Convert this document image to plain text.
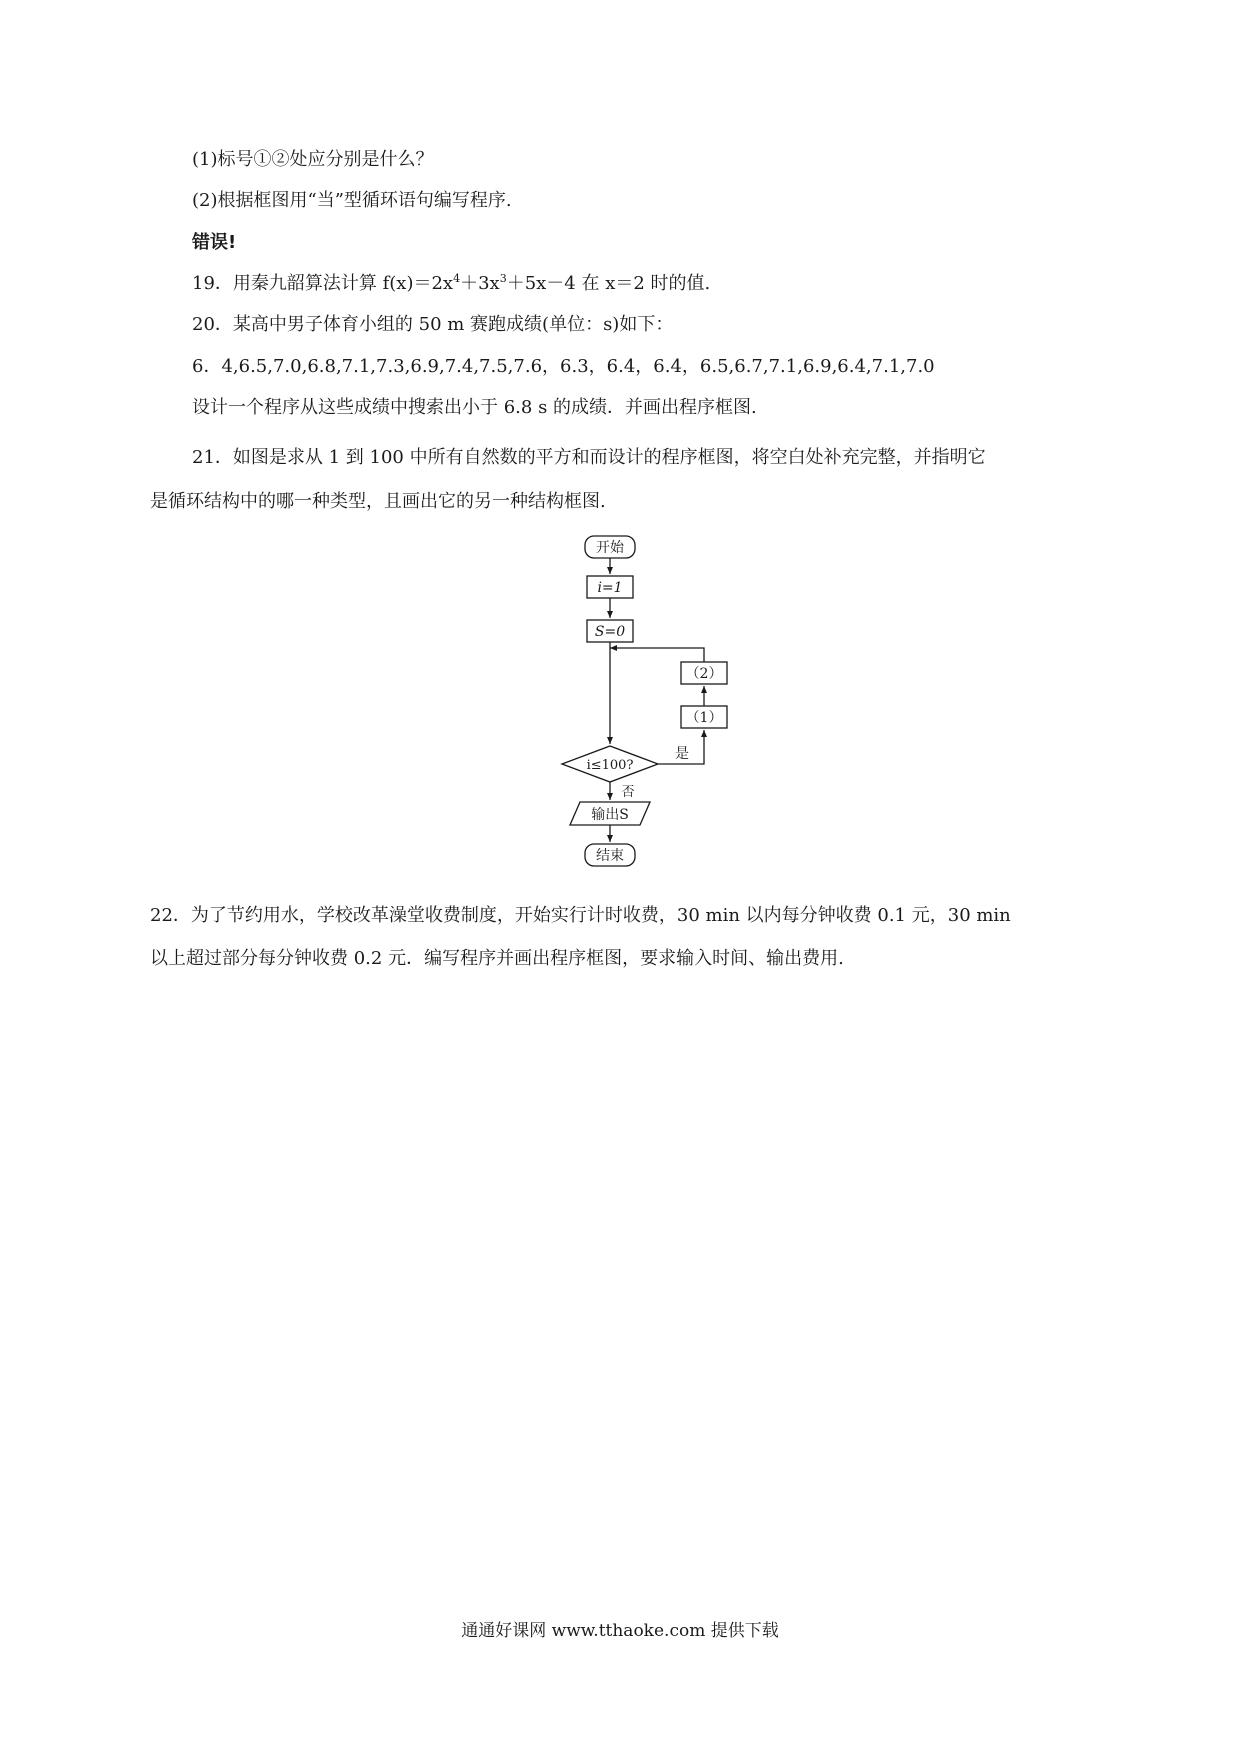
(1)标号①②处应分别是什么？
(2)根据框图用“当”型循环语句编写程序.
错误!
19．用秦九韶算法计算 $f(x)=2x^4+3x^3+5x-4$ 在 x＝2 时的值.
20．某高中男子体育小组的 50 m 赛跑成绩(单位：s)如下：
6．4,6.5,7.0,6.8,7.1,7.3,6.9,7.4,7.5,7.6，6.3，6.4，6.4，6.5,6.7,7.1,6.9,6.4,7.1,7.0
设计一个程序从这些成绩中搜索出小于 6.8 s 的成绩．并画出程序框图.
21．如图是求从 1 到 100 中所有自然数的平方和而设计的程序框图，将空白处补充完整，并指明它
是循环结构中的哪一种类型，且画出它的另一种结构框图.
开始
i=1
S=0
（2）
（1）
i≤100?
是
否
输出S
结束
22．为了节约用水，学校改革澡堂收费制度，开始实行计时收费，30 min 以内每分钟收费 0.1 元，30 min
以上超过部分每分钟收费 0.2 元．编写程序并画出程序框图，要求输入时间、输出费用.
通通好课网 www.tthaoke.com 提供下载
